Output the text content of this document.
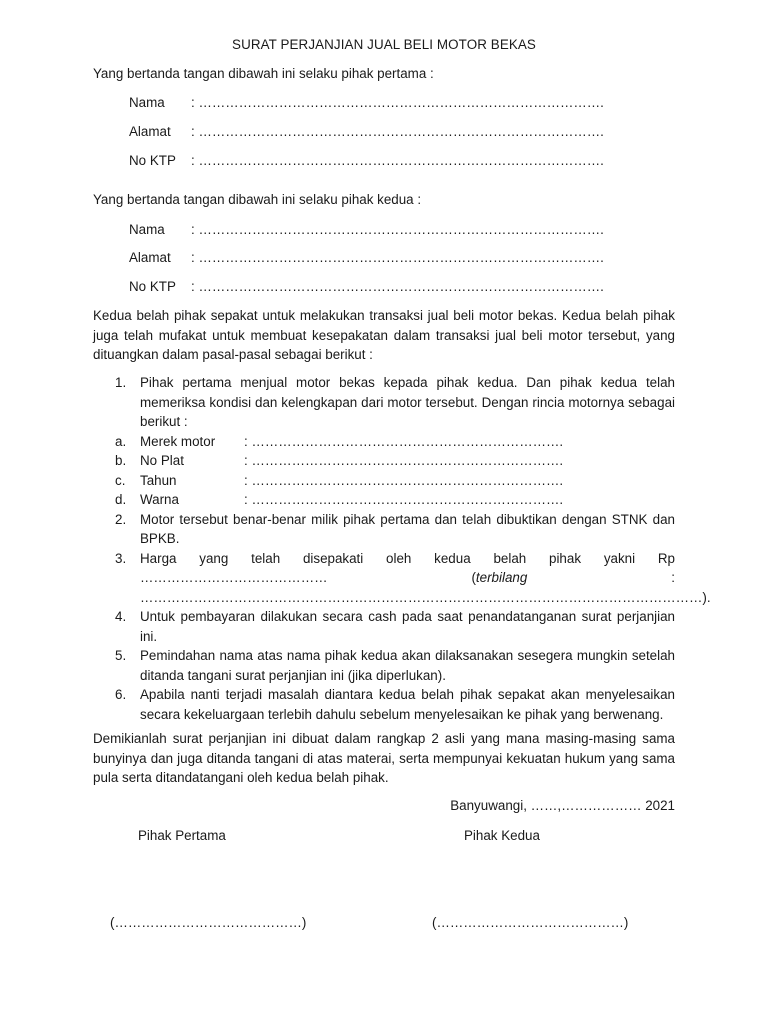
SURAT PERJANJIAN JUAL BELI MOTOR BEKAS
Yang bertanda tangan dibawah ini selaku pihak pertama :
Nama : ……………………………………………………………………………….
Alamat : ……………………………………………………………………………….
No KTP : ……………………………………………………………………………….
Yang bertanda tangan dibawah ini selaku pihak kedua :
Nama : ……………………………………………………………………………….
Alamat : ……………………………………………………………………………….
No KTP : ……………………………………………………………………………….
Kedua belah pihak sepakat untuk melakukan transaksi jual beli motor bekas. Kedua belah pihak juga telah mufakat untuk membuat kesepakatan dalam transaksi jual beli motor tersebut, yang dituangkan dalam pasal-pasal sebagai berikut :
1. Pihak pertama menjual motor bekas kepada pihak kedua. Dan pihak kedua telah memeriksa kondisi dan kelengkapan dari motor tersebut. Dengan rincia motornya sebagai berikut :
a. Merek motor : …………………………………………………………….
b. No Plat	: …………………………………………………………….
c. Tahun	: …………………………………………………………….
d. Warna	: …………………………………………………………….
2. Motor tersebut benar-benar milik pihak pertama dan telah dibuktikan dengan STNK dan BPKB.
3. Harga yang telah disepakati oleh kedua belah pihak yakni Rp ……………………………………	(terbilang : ………………………………………………………………………………………………………………).
4. Untuk pembayaran dilakukan secara cash pada saat penandatanganan surat perjanjian ini.
5. Pemindahan nama atas nama pihak kedua akan dilaksanakan sesegera mungkin setelah ditanda tangani surat perjanjian ini (jika diperlukan).
6. Apabila nanti terjadi masalah diantara kedua belah pihak sepakat akan menyelesaikan secara kekeluargaan terlebih dahulu sebelum menyelesaikan ke pihak yang berwenang.
Demikianlah surat perjanjian ini dibuat dalam rangkap 2 asli yang mana masing-masing sama bunyinya dan juga ditanda tangani di atas materai, serta mempunyai kekuatan hukum yang sama pula serta ditandatangani oleh kedua belah pihak.
Banyuwangi, ……,……………… 2021
Pihak Pertama	Pihak Kedua
(……………………………………)	(……………………………………)
